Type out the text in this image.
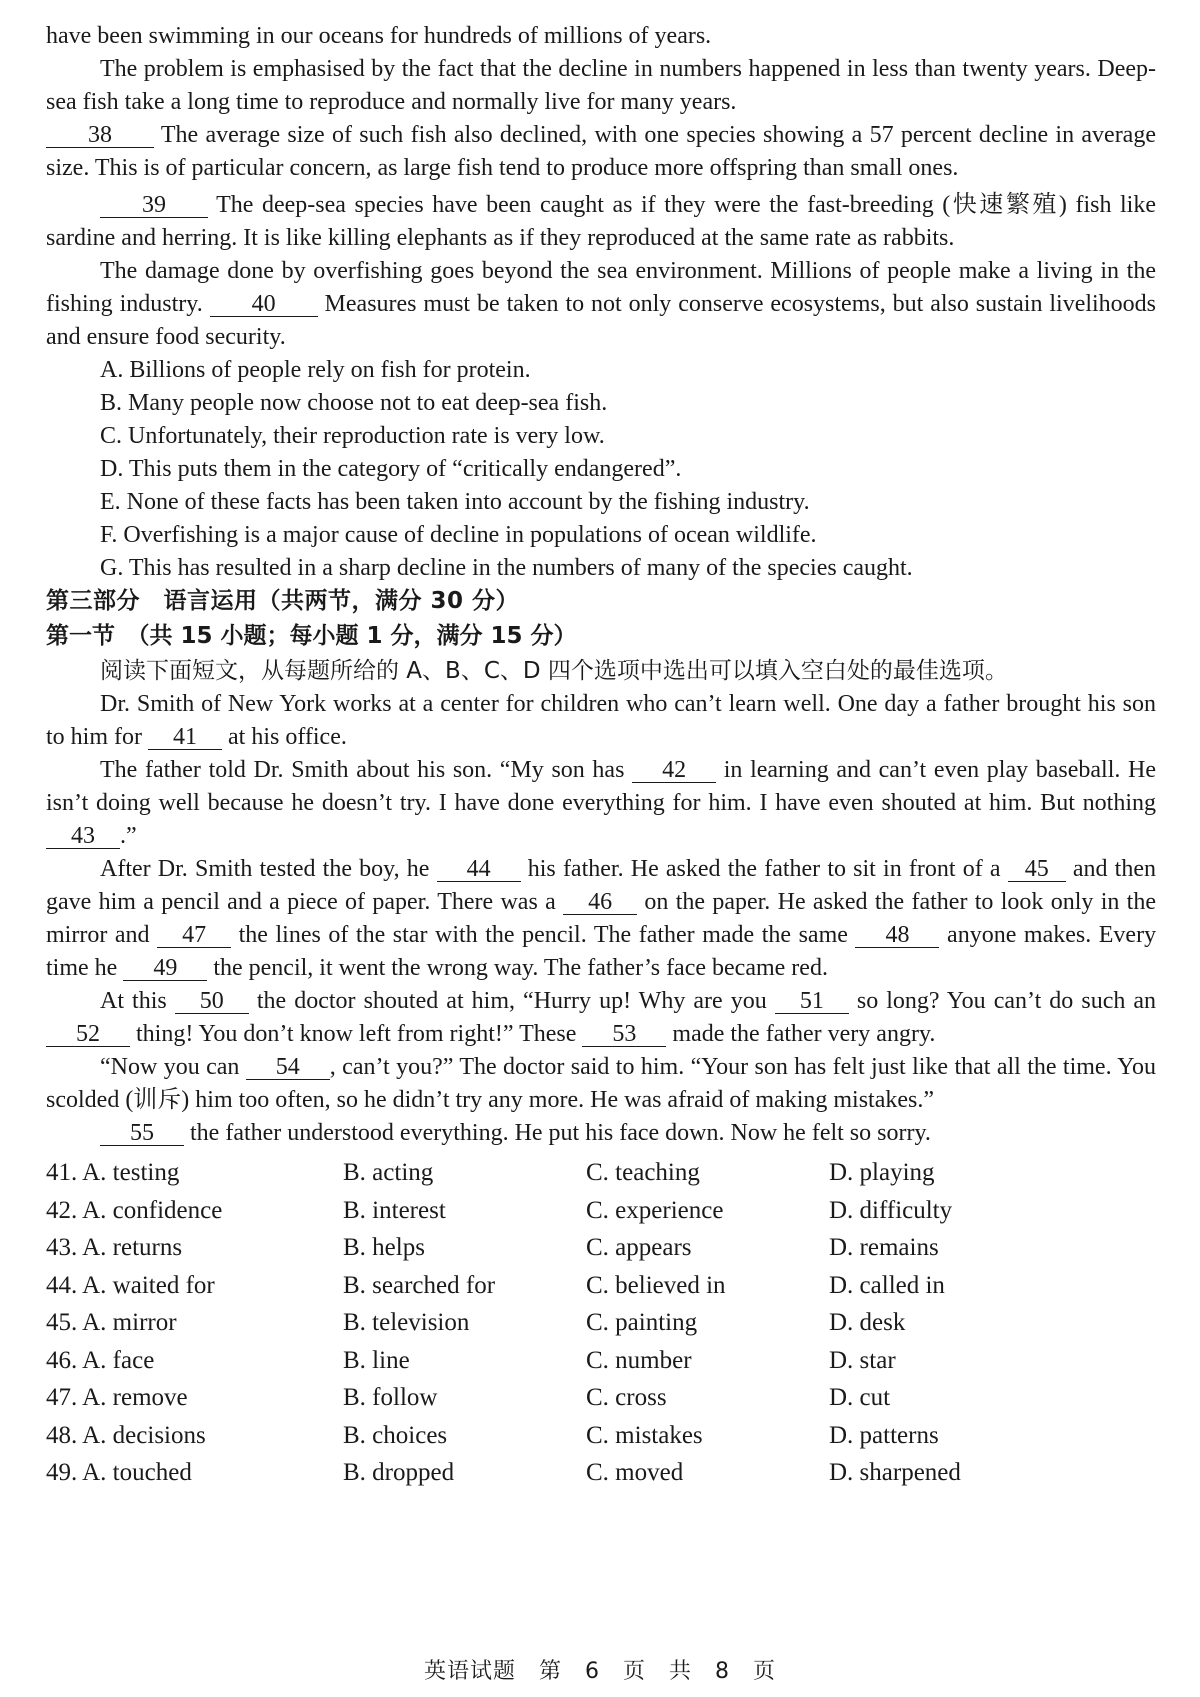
have been swimming in our oceans for hundreds of millions of years.

The problem is emphasised by the fact that the decline in numbers happened in less than twenty years. Deep-sea fish take a long time to reproduce and normally live for many years.

38 The average size of such fish also declined, with one species showing a 57 percent decline in average size. This is of particular concern, as large fish tend to produce more offspring than small ones.

39 The deep-sea species have been caught as if they were the fast-breeding (快速繁殖) fish like sardine and herring. It is like killing elephants as if they reproduced at the same rate as rabbits.

The damage done by overfishing goes beyond the sea environment. Millions of people make a living in the fishing industry. 40 Measures must be taken to not only conserve ecosystems, but also sustain livelihoods and ensure food security.

A. Billions of people rely on fish for protein.

B. Many people now choose not to eat deep-sea fish.

C. Unfortunately, their reproduction rate is very low.

D. This puts them in the category of “critically endangered”.

E. None of these facts has been taken into account by the fishing industry.

F. Overfishing is a major cause of decline in populations of ocean wildlife.

G. This has resulted in a sharp decline in the numbers of many of the species caught.

第三部分　语言运用（共两节，满分 30 分）

第一节　（共 15 小题；每小题 1 分，满分 15 分）

阅读下面短文，从每题所给的 A、B、C、D 四个选项中选出可以填入空白处的最佳选项。

Dr. Smith of New York works at a center for children who can’t learn well. One day a father brought his son to him for 41 at his office.

The father told Dr. Smith about his son. “My son has 42 in learning and can’t even play baseball. He isn’t doing well because he doesn’t try. I have done everything for him. I have even shouted at him. But nothing 43 .”

After Dr. Smith tested the boy, he 44 his father. He asked the father to sit in front of a 45 and then gave him a pencil and a piece of paper. There was a 46 on the paper. He asked the father to look only in the mirror and 47 the lines of the star with the pencil. The father made the same 48 anyone makes. Every time he 49 the pencil, it went the wrong way. The father’s face became red.

At this 50 the doctor shouted at him, “Hurry up! Why are you 51 so long? You can’t do such an 52 thing! You don’t know left from right!” These 53 made the father very angry.

“Now you can 54 , can’t you?” The doctor said to him. “Your son has felt just like that all the time. You scolded (训斥) him too often, so he didn’t try any more. He was afraid of making mistakes.”

55 the father understood everything. He put his face down. Now he felt so sorry.

41. A. testing	B. acting	C. teaching	D. playing
42. A. confidence	B. interest	C. experience	D. difficulty
43. A. returns	B. helps	C. appears	D. remains
44. A. waited for	B. searched for	C. believed in	D. called in
45. A. mirror	B. television	C. painting	D. desk
46. A. face	B. line	C. number	D. star
47. A. remove	B. follow	C. cross	D. cut
48. A. decisions	B. choices	C. mistakes	D. patterns
49. A. touched	B. dropped	C. moved	D. sharpened
英语试题　第　6　页　共　8　页
